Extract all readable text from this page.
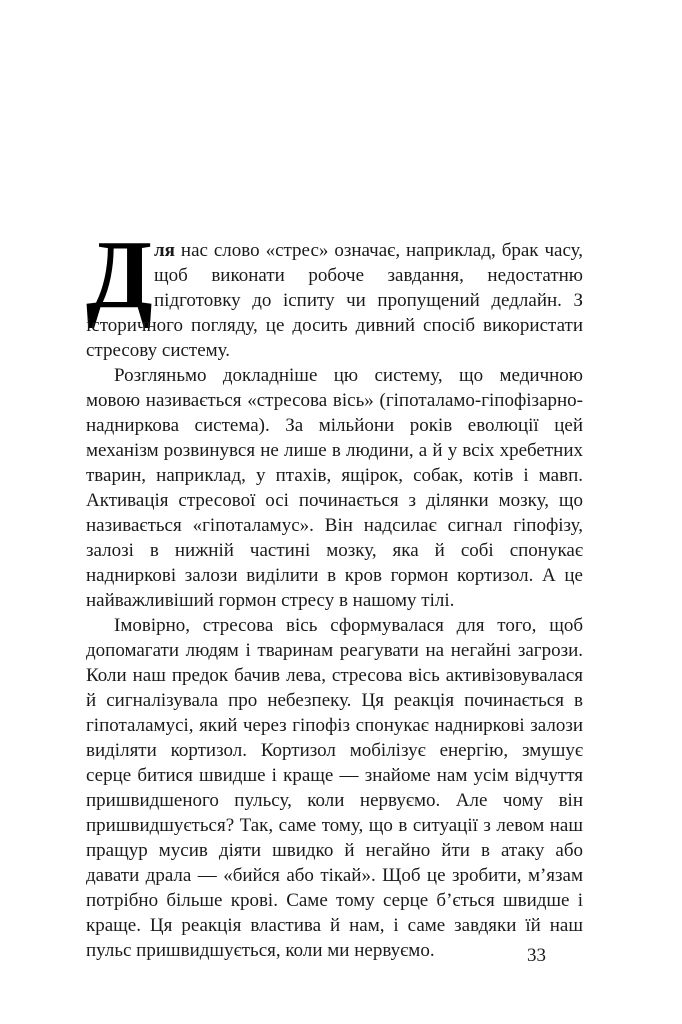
Для нас слово «стрес» означає, наприклад, брак часу, щоб виконати робоче завдання, недостатню підготовку до іспиту чи пропущений дедлайн. З історичного погляду, це досить дивний спосіб використати стресову систему.

Розгляньмо докладніше цю систему, що медичною мовою називається «стресова вісь» (гіпоталамо-гіпофізарно-надниркова система). За мільйони років еволюції цей механізм розвинувся не лише в людини, а й у всіх хребетних тварин, наприклад, у птахів, ящірок, собак, котів і мавп. Активація стресової осі починається з ділянки мозку, що називається «гіпоталамус». Він надсилає сигнал гіпофізу, залозі в нижній частині мозку, яка й собі спонукає надниркові залози виділити в кров гормон кортизол. А це найважливіший гормон стресу в нашому тілі.

Імовірно, стресова вісь сформувалася для того, щоб допомагати людям і тваринам реагувати на негайні загрози. Коли наш предок бачив лева, стресова вісь активізовувалася й сигналізувала про небезпеку. Ця реакція починається в гіпоталамусі, який через гіпофіз спонукає надниркові залози виділяти кортизол. Кортизол мобілізує енергію, змушує серце битися швидше і краще — знайоме нам усім відчуття пришвидшеного пульсу, коли нервуємо. Але чому він пришвидшується? Так, саме тому, що в ситуації з левом наш пращур мусив діяти швидко й негайно йти в атаку або давати драла — «бийся або тікай». Щоб це зробити, м’язам потрібно більше крові. Саме тому серце б’ється швидше і краще. Ця реакція властива й нам, і саме завдяки їй наш пульс пришвидшується, коли ми нервуємо.	33
